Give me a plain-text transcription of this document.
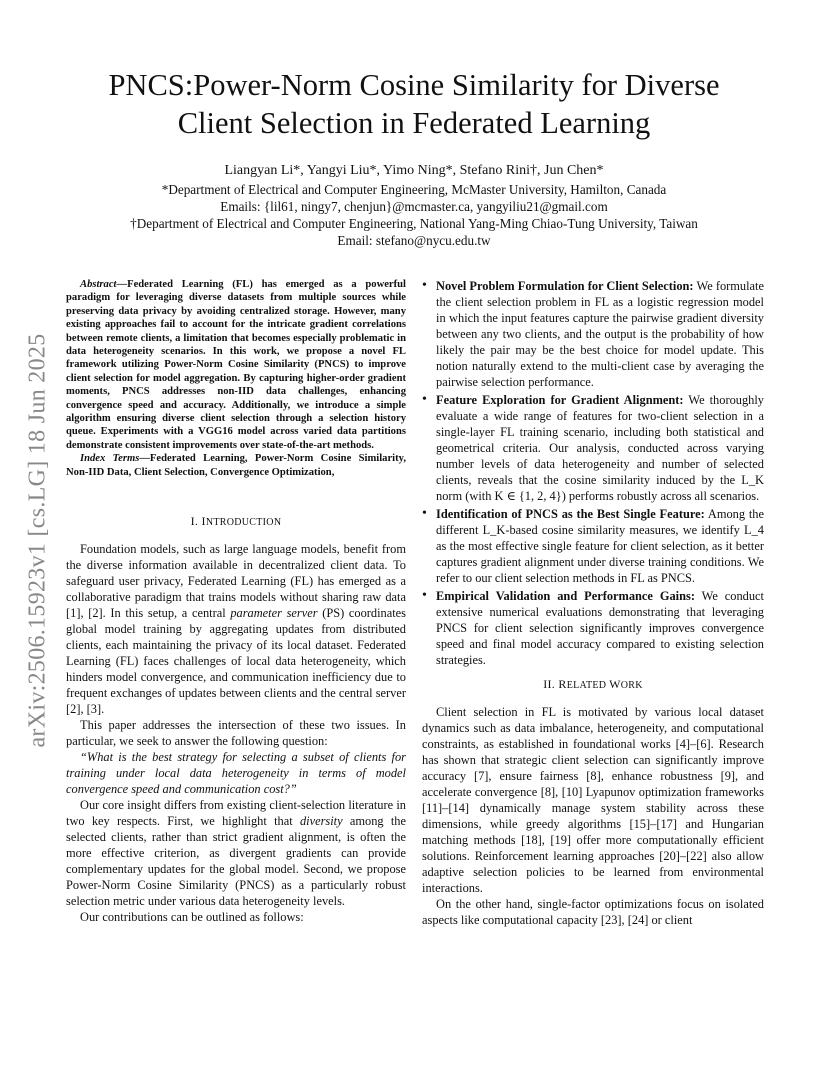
arXiv:2506.15923v1 [cs.LG] 18 Jun 2025
PNCS:Power-Norm Cosine Similarity for Diverse
Client Selection in Federated Learning
Liangyan Li*, Yangyi Liu*, Yimo Ning*, Stefano Rini†, Jun Chen*
*Department of Electrical and Computer Engineering, McMaster University, Hamilton, Canada
Emails: {lil61, ningy7, chenjun}@mcmaster.ca, yangyiliu21@gmail.com
†Department of Electrical and Computer Engineering, National Yang-Ming Chiao-Tung University, Taiwan
Email: stefano@nycu.edu.tw

Abstract—Federated Learning (FL) has emerged as a powerful paradigm for leveraging diverse datasets from multiple sources while preserving data privacy by avoiding centralized storage. However, many existing approaches fail to account for the intricate gradient correlations between remote clients, a limitation that becomes especially problematic in data heterogeneity scenarios. In this work, we propose a novel FL framework utilizing Power-Norm Cosine Similarity (PNCS) to improve client selection for model aggregation. By capturing higher-order gradient moments, PNCS addresses non-IID data challenges, enhancing convergence speed and accuracy. Additionally, we introduce a simple algorithm ensuring diverse client selection through a selection history queue. Experiments with a VGG16 model across varied data partitions demonstrate consistent improvements over state-of-the-art methods.

Index Terms—Federated Learning, Power-Norm Cosine Similarity, Non-IID Data, Client Selection, Convergence Optimization,

I. INTRODUCTION

Foundation models, such as large language models, benefit from the diverse information available in decentralized client data. To safeguard user privacy, Federated Learning (FL) has emerged as a collaborative paradigm that trains models without sharing raw data [1], [2]. In this setup, a central parameter server (PS) coordinates global model training by aggregating updates from distributed clients, each maintaining the privacy of its local dataset. Federated Learning (FL) faces challenges of local data heterogeneity, which hinders model convergence, and communication inefficiency due to frequent exchanges of updates between clients and the central server [2], [3].

This paper addresses the intersection of these two issues. In particular, we seek to answer the following question:

“What is the best strategy for selecting a subset of clients for training under local data heterogeneity in terms of model convergence speed and communication cost?”

Our core insight differs from existing client-selection literature in two key respects. First, we highlight that diversity among the selected clients, rather than strict gradient alignment, is often the more effective criterion, as divergent gradients can provide complementary updates for the global model. Second, we propose Power-Norm Cosine Similarity (PNCS) as a particularly robust selection metric under various data heterogeneity levels.

Our contributions can be outlined as follows:

• Novel Problem Formulation for Client Selection: We formulate the client selection problem in FL as a logistic regression model in which the input features capture the pairwise gradient diversity between any two clients, and the output is the probability of how likely the pair may be the best choice for model update. This notion naturally extend to the multi-client case by averaging the pairwise selection performance.
• Feature Exploration for Gradient Alignment: We thoroughly evaluate a wide range of features for two-client selection in a single-layer FL training scenario, including both statistical and geometrical criteria. Our analysis, conducted across varying number levels of data heterogeneity and number of selected clients, reveals that the cosine similarity induced by the L_K norm (with K ∈ {1, 2, 4}) performs robustly across all scenarios.
• Identification of PNCS as the Best Single Feature: Among the different L_K-based cosine similarity measures, we identify L_4 as the most effective single feature for client selection, as it better captures gradient alignment under diverse training conditions. We refer to our client selection methods in FL as PNCS.
• Empirical Validation and Performance Gains: We conduct extensive numerical evaluations demonstrating that leveraging PNCS for client selection significantly improves convergence speed and final model accuracy compared to existing selection strategies.
II. RELATED WORK

Client selection in FL is motivated by various local dataset dynamics such as data imbalance, heterogeneity, and computational constraints, as established in foundational works [4]–[6]. Research has shown that strategic client selection can significantly improve accuracy [7], ensure fairness [8], enhance robustness [9], and accelerate convergence [8], [10] Lyapunov optimization frameworks [11]–[14] dynamically manage system stability across these dimensions, while greedy algorithms [15]–[17] and Hungarian matching methods [18], [19] offer more computationally efficient solutions. Reinforcement learning approaches [20]–[22] also allow adaptive selection policies to be learned from environmental interactions.

On the other hand, single-factor optimizations focus on isolated aspects like computational capacity [23], [24] or client
